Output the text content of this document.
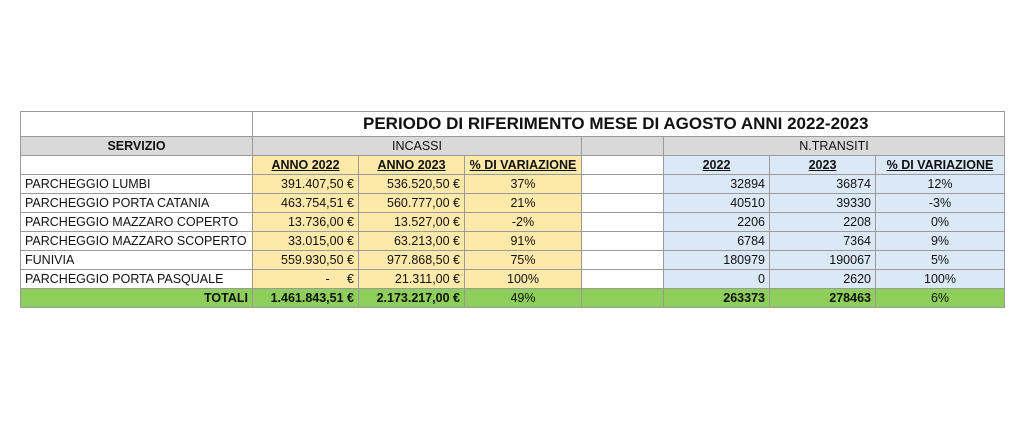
	PERIODO DI RIFERIMENTO MESE DI AGOSTO ANNI 2022-2023						
SERVIZIO	INCASSI				N.TRANSITI		
	ANNO 2022	ANNO 2023	% DI VARIAZIONE		2022	2023	% DI VARIAZIONE
PARCHEGGIO LUMBI	391.407,50 €	536.520,50 €	37%		32894	36874	12%
PARCHEGGIO PORTA CATANIA	463.754,51 €	560.777,00 €	21%		40510	39330	-3%
PARCHEGGIO MAZZARO COPERTO	13.736,00 €	13.527,00 €	-2%		2206	2208	0%
PARCHEGGIO MAZZARO SCOPERTO	33.015,00 €	63.213,00 €	91%		6784	7364	9%
FUNIVIA	559.930,50 €	977.868,50 €	75%		180979	190067	5%
PARCHEGGIO PORTA PASQUALE	-     €	21.311,00 €	100%		0	2620	100%
TOTALI	1.461.843,51 €	2.173.217,00 €	49%		263373	278463	6%
